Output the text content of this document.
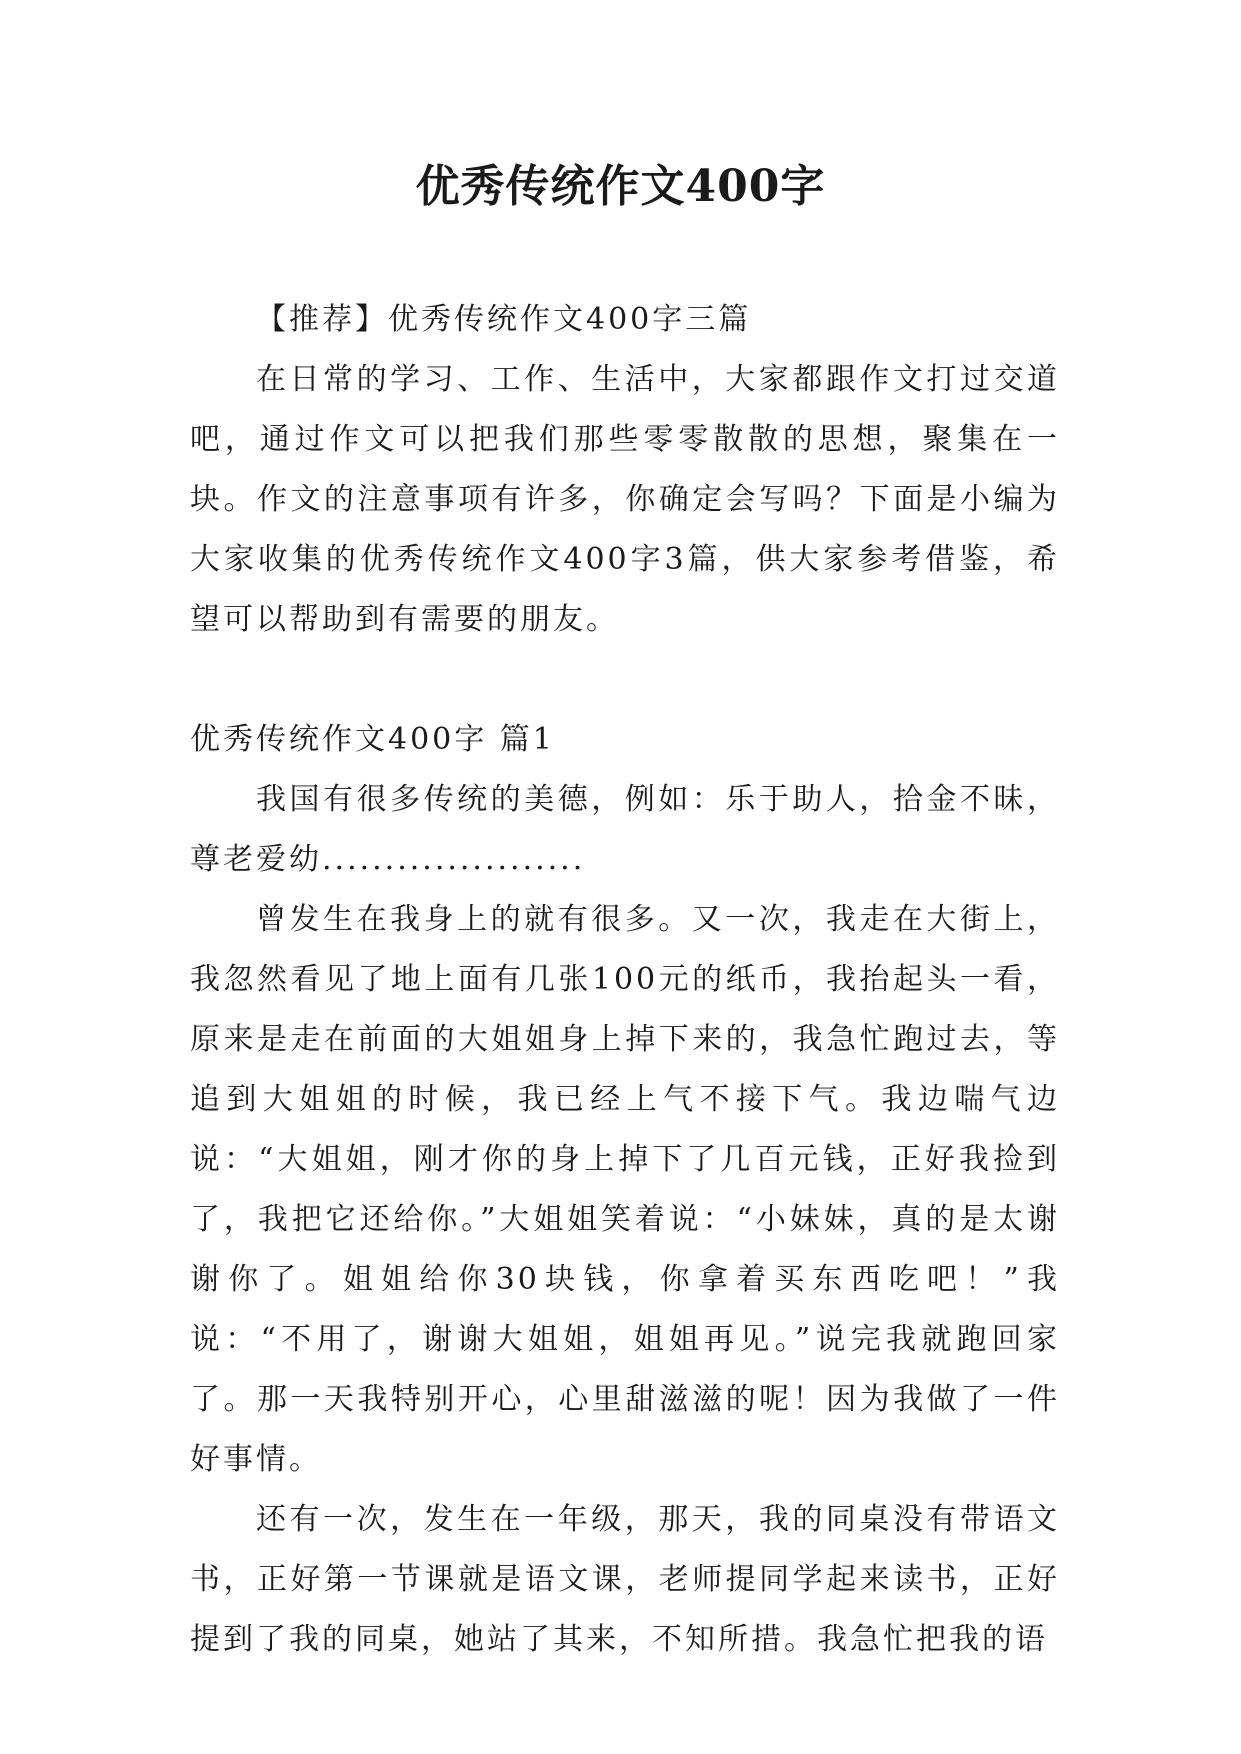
优秀传统作文400字

【推荐】优秀传统作文400字三篇

在日常的学习、工作、生活中，大家都跟作文打过交道吧，通过作文可以把我们那些零零散散的思想，聚集在一块。作文的注意事项有许多，你确定会写吗？下面是小编为大家收集的优秀传统作文400字3篇，供大家参考借鉴，希望可以帮助到有需要的朋友。

优秀传统作文400字 篇1

我国有很多传统的美德，例如：乐于助人，拾金不昧，尊老爱幼.....................

曾发生在我身上的就有很多。又一次，我走在大街上，我忽然看见了地上面有几张100元的纸币，我抬起头一看，原来是走在前面的大姐姐身上掉下来的，我急忙跑过去，等追到大姐姐的时候，我已经上气不接下气。我边喘气边说：“大姐姐，刚才你的身上掉下了几百元钱，正好我捡到了，我把它还给你。”大姐姐笑着说：“小妹妹，真的是太谢谢你了。姐姐给你30块钱，你拿着买东西吃吧！”我说：“不用了，谢谢大姐姐，姐姐再见。”说完我就跑回家了。那一天我特别开心，心里甜滋滋的呢！因为我做了一件好事情。

还有一次，发生在一年级，那天，我的同桌没有带语文书，正好第一节课就是语文课，老师提同学起来读书，正好提到了我的同桌，她站了其来，不知所措。我急忙把我的语
